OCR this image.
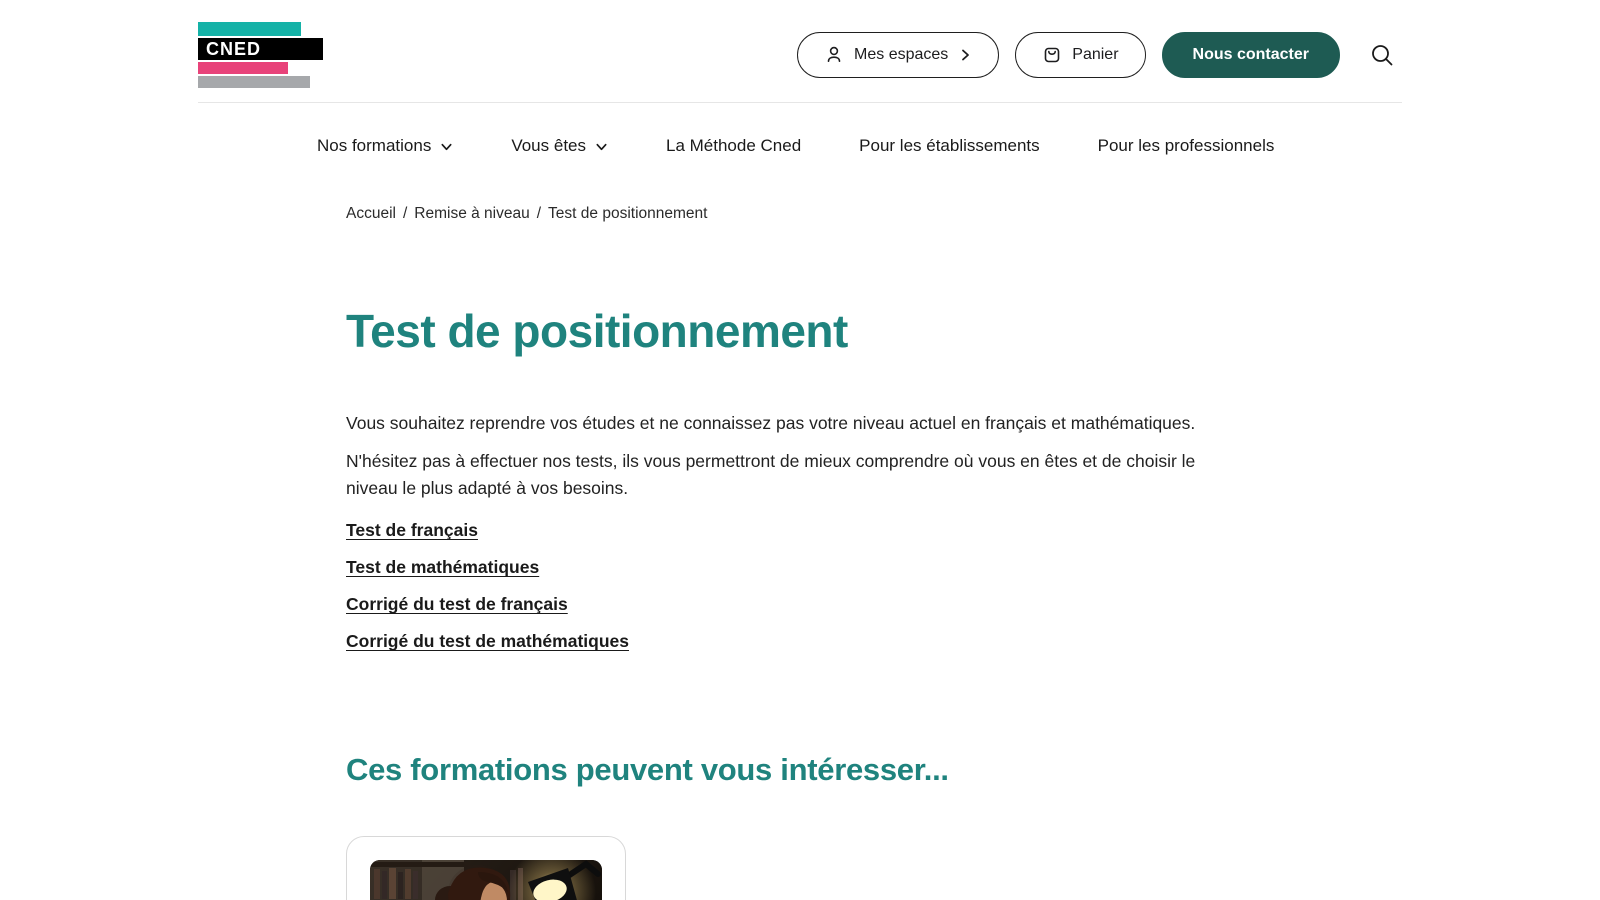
CNED	Mes espaces	Panier	Nous contacter
Nos formations	Vous êtes	La Méthode Cned	Pour les établissements	Pour les professionnels
Accueil / Remise à niveau / Test de positionnement
Test de positionnement

Vous souhaitez reprendre vos études et ne connaissez pas votre niveau actuel en français et mathématiques.

N'hésitez pas à effectuer nos tests, ils vous permettront de mieux comprendre où vous en êtes et de choisir le niveau le plus adapté à vos besoins.

Test de français
Test de mathématiques
Corrigé du test de français
Corrigé du test de mathématiques
Ces formations peuvent vous intéresser...
